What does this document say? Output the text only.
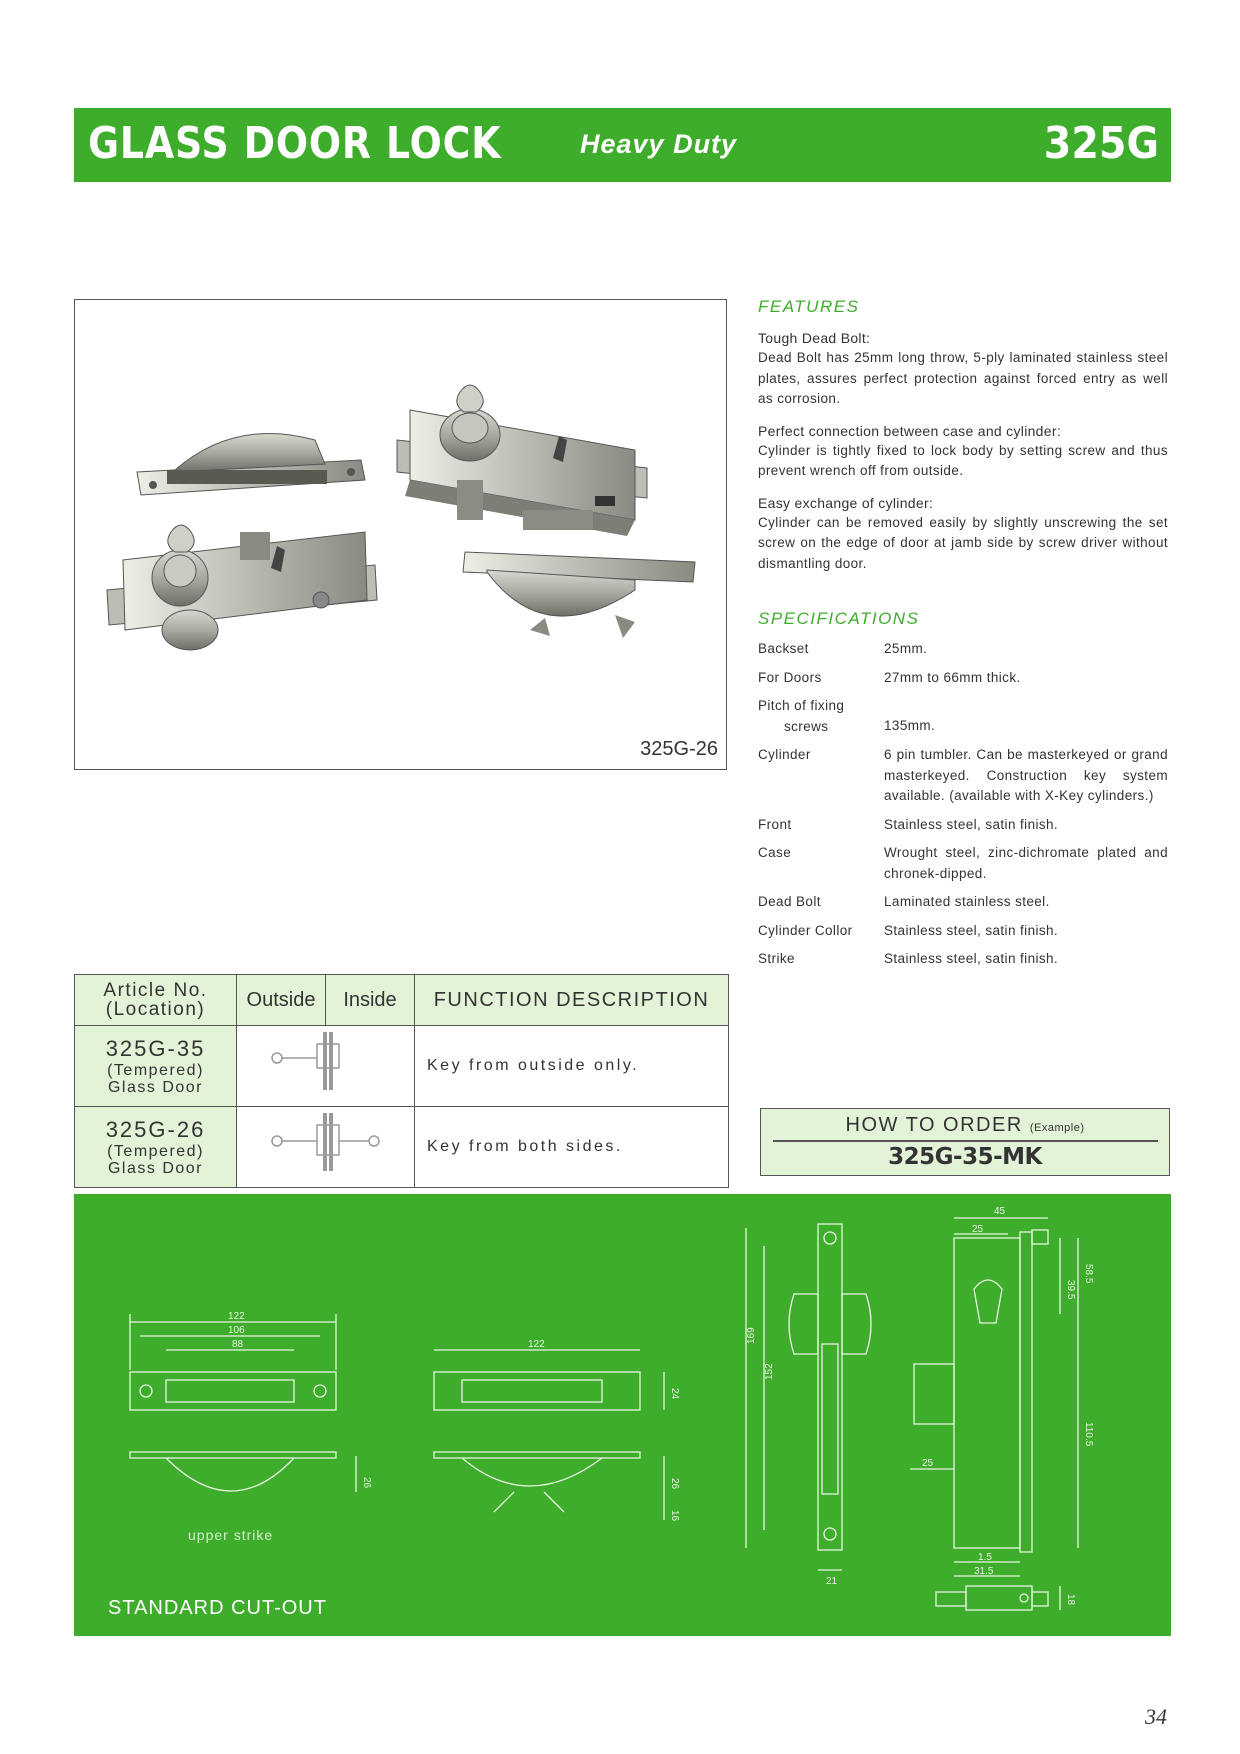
GLASS DOOR LOCK	Heavy Duty	325G
325G-26
FEATURES
Tough Dead Bolt:
Dead Bolt has 25mm long throw, 5-ply laminated stainless steel plates, assures perfect protection against forced entry as well as corrosion.
Perfect connection between case and cylinder:
Cylinder is tightly fixed to lock body by setting screw and thus prevent wrench off from outside.
Easy exchange of cylinder:
Cylinder can be removed easily by slightly unscrewing the set screw on the edge of door at jamb side by screw driver without dismantling door.
SPECIFICATIONS
Backset	25mm.
For Doors	27mm to 66mm thick.
Pitch of fixing
screws	135mm.
Cylinder	6 pin tumbler. Can be masterkeyed or grand masterkeyed. Construction key system available. (available with X-Key cylinders.)
Front	Stainless steel, satin finish.
Case	Wrought steel, zinc-dichromate plated and chronek-dipped.
Dead Bolt	Laminated stainless steel.
Cylinder Collor	Stainless steel, satin finish.
Strike	Stainless steel, satin finish.
Article No.
(Location)	Outside	Inside	FUNCTION DESCRIPTION

325G-35
(Tempered)
Glass Door			Key from outside only.

325G-26
(Tempered)
Glass Door			Key from both sides.
HOW TO ORDER (Example)
325G-35-MK
122
106
88
26
122
24
26
16
169
152
21
45
25
39.5
58.5
110.5
25
1.5
31.5
18
upper strike
STANDARD CUT-OUT
34
